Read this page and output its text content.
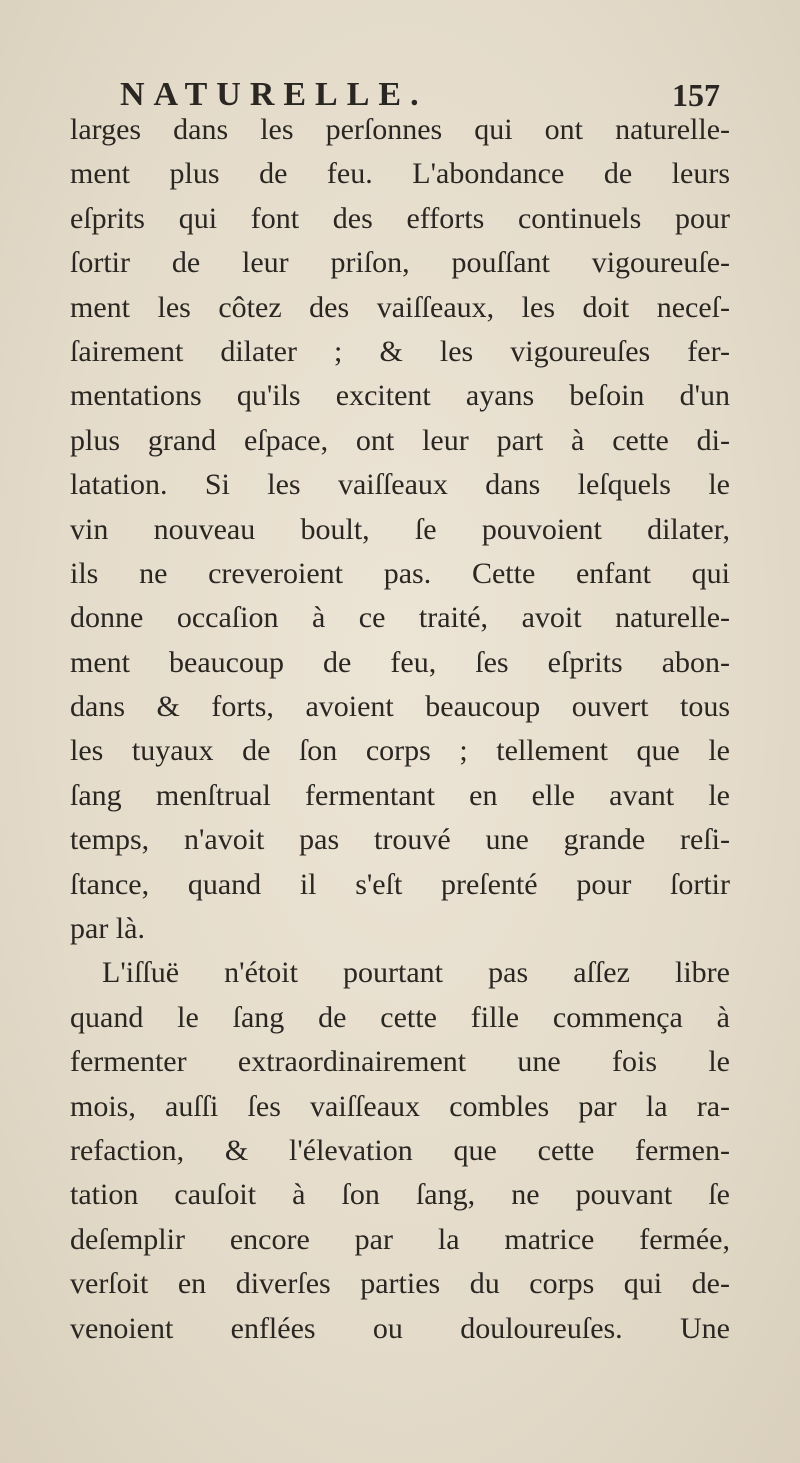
NATURELLE.	157
larges dans les perſonnes qui ont naturelle-
ment plus de feu. L'abondance de leurs
eſprits qui font des efforts continuels pour
ſortir de leur priſon, pouſſant vigoureuſe-
ment les côtez des vaiſſeaux, les doit neceſ-
ſairement dilater ; & les vigoureuſes fer-
mentations qu'ils excitent ayans beſoin d'un
plus grand eſpace, ont leur part à cette di-
latation. Si les vaiſſeaux dans leſquels le
vin nouveau boult, ſe pouvoient dilater,
ils ne creveroient pas. Cette enfant qui
donne occaſion à ce traité, avoit naturelle-
ment beaucoup de feu, ſes eſprits abon-
dans & forts, avoient beaucoup ouvert tous
les tuyaux de ſon corps ; tellement que le
ſang menſtrual fermentant en elle avant le
temps, n'avoit pas trouvé une grande reſi-
ſtance, quand il s'eſt preſenté pour ſortir
par là.
L'iſſuë n'étoit pourtant pas aſſez libre
quand le ſang de cette fille commença à
fermenter extraordinairement une fois le
mois, auſſi ſes vaiſſeaux combles par la ra-
refaction, & l'élevation que cette fermen-
tation cauſoit à ſon ſang, ne pouvant ſe
deſemplir encore par la matrice fermée,
verſoit en diverſes parties du corps qui de-
venoient enflées ou douloureuſes. Une
